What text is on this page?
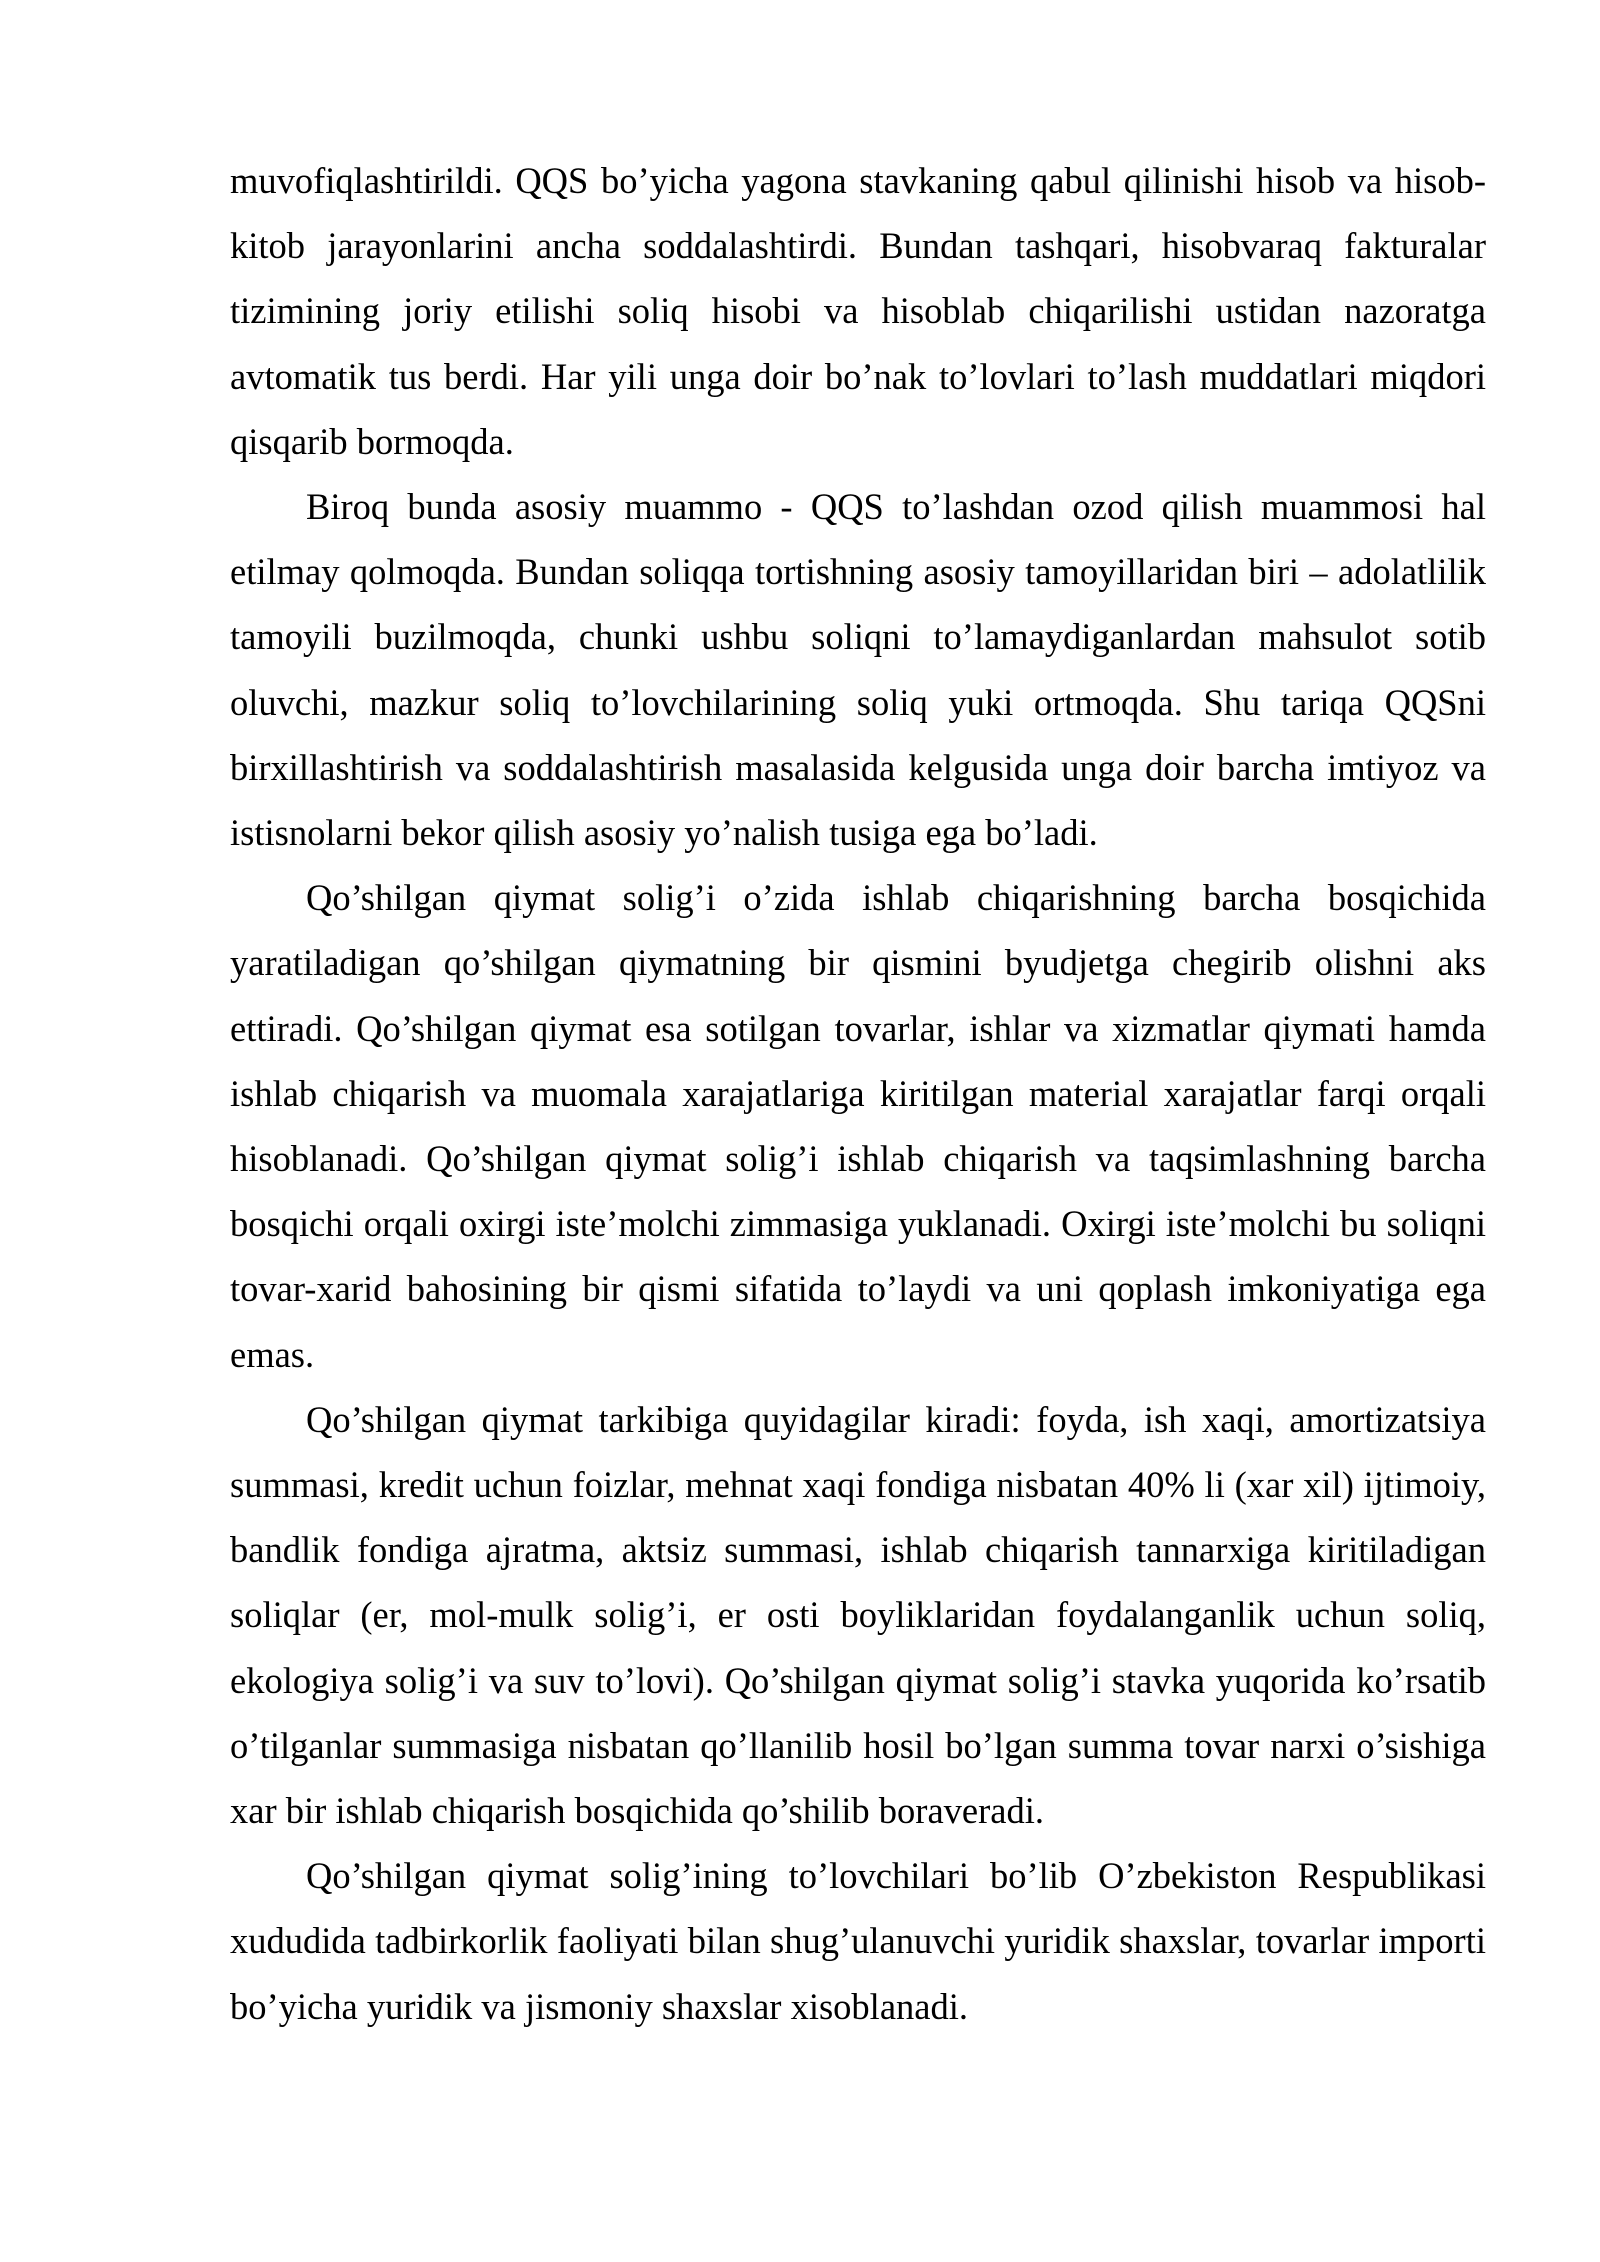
muvofiqlashtirildi. QQS bo’yicha yagona stavkaning qabul qilinishi hisob va hisob-kitob jarayonlarini ancha soddalashtirdi. Bundan tashqari, hisobvaraq fakturalar tizimining joriy etilishi soliq hisobi va hisoblab chiqarilishi ustidan nazoratga avtomatik tus berdi. Har yili unga doir bo’nak to’lovlari to’lash muddatlari miqdori qisqarib bormoqda.

Biroq bunda asosiy muammo - QQS to’lashdan ozod qilish muammosi hal etilmay qolmoqda. Bundan soliqqa tortishning asosiy tamoyillaridan biri – adolatlilik tamoyili buzilmoqda, chunki ushbu soliqni to’lamaydiganlardan mahsulot sotib oluvchi, mazkur soliq to’lovchilarining soliq yuki ortmoqda. Shu tariqa QQSni birxillashtirish va soddalashtirish masalasida kelgusida unga doir barcha imtiyoz va istisnolarni bekor qilish asosiy yo’nalish tusiga ega bo’ladi.

Qo’shilgan qiymat solig’i o’zida ishlab chiqarishning barcha bosqichida yaratiladigan qo’shilgan qiymatning bir qismini byudjetga chegirib olishni aks ettiradi. Qo’shilgan qiymat esa sotilgan tovarlar, ishlar va xizmatlar qiymati hamda ishlab chiqarish va muomala xarajatlariga kiritilgan material xarajatlar farqi orqali hisoblanadi. Qo’shilgan qiymat solig’i ishlab chiqarish va taqsimlashning barcha bosqichi orqali oxirgi iste’molchi zimmasiga yuklanadi. Oxirgi iste’molchi bu soliqni tovar-xarid bahosining bir qismi sifatida to’laydi va uni qoplash imkoniyatiga ega emas.

Qo’shilgan qiymat tarkibiga quyidagilar kiradi: foyda, ish xaqi, amortizatsiya summasi, kredit uchun foizlar, mehnat xaqi fondiga nisbatan 40% li (xar xil) ijtimoiy, bandlik fondiga ajratma, aktsiz summasi, ishlab chiqarish tannarxiga kiritiladigan soliqlar (er, mol-mulk solig’i, er osti boyliklaridan foydalanganlik uchun soliq, ekologiya solig’i va suv to’lovi). Qo’shilgan qiymat solig’i stavka yuqorida ko’rsatib o’tilganlar summasiga nisbatan qo’llanilib hosil bo’lgan summa tovar narxi o’sishiga xar bir ishlab chiqarish bosqichida qo’shilib boraveradi.

Qo’shilgan qiymat solig’ining to’lovchilari bo’lib O’zbekiston Respublikasi xududida tadbirkorlik faoliyati bilan shug’ulanuvchi yuridik shaxslar, tovarlar importi bo’yicha yuridik va jismoniy shaxslar xisoblanadi.
